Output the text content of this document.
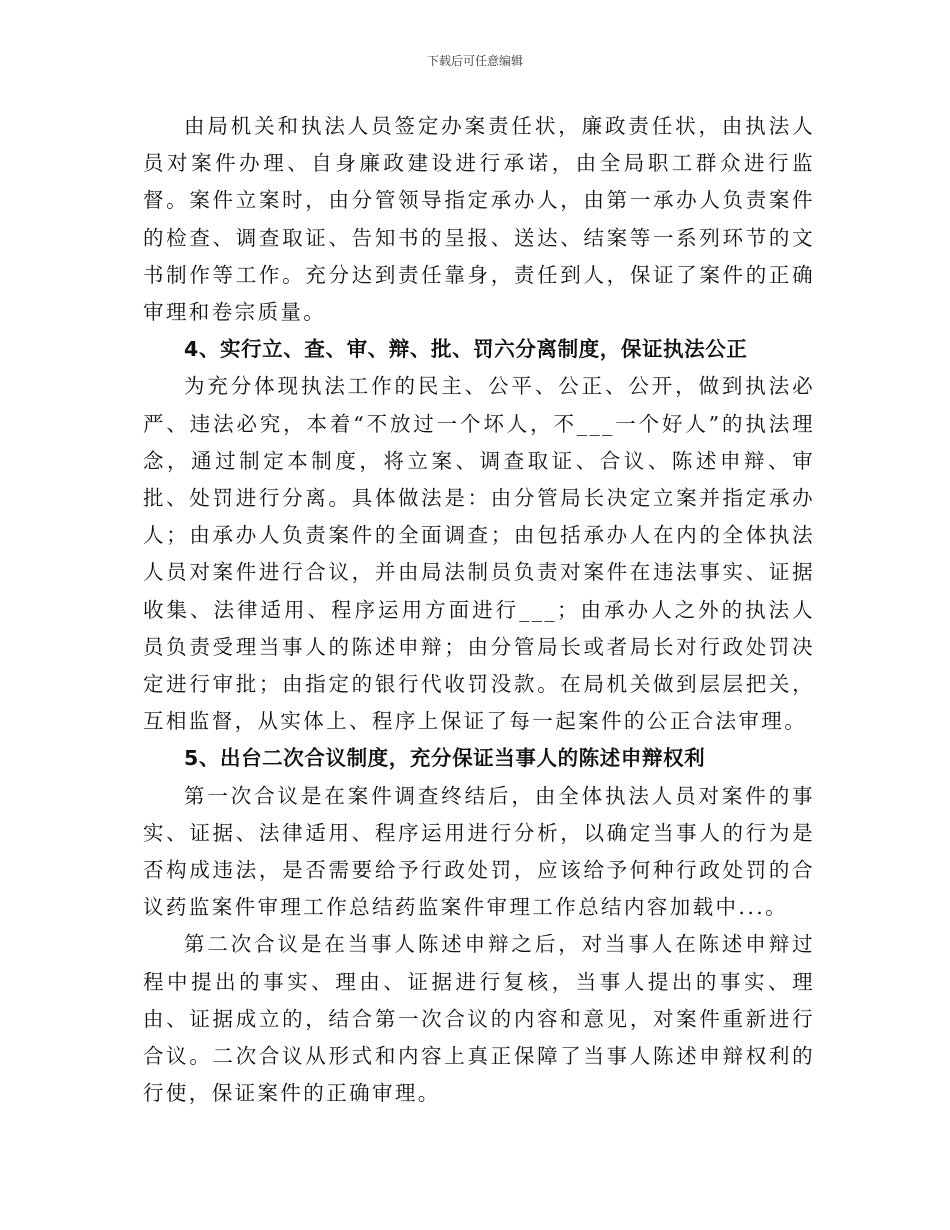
下载后可任意编辑

由局机关和执法人员签定办案责任状，廉政责任状，由执法人员对案件办理、自身廉政建设进行承诺，由全局职工群众进行监督。案件立案时，由分管领导指定承办人，由第一承办人负责案件的检查、调查取证、告知书的呈报、送达、结案等一系列环节的文书制作等工作。充分达到责任靠身，责任到人，保证了案件的正确审理和卷宗质量。

4、实行立、查、审、辩、批、罚六分离制度，保证执法公正

为充分体现执法工作的民主、公平、公正、公开，做到执法必严、违法必究，本着“不放过一个坏人，不___一个好人”的执法理念，通过制定本制度，将立案、调查取证、合议、陈述申辩、审批、处罚进行分离。具体做法是：由分管局长决定立案并指定承办人；由承办人负责案件的全面调查；由包括承办人在内的全体执法人员对案件进行合议，并由局法制员负责对案件在违法事实、证据收集、法律适用、程序运用方面进行___；由承办人之外的执法人员负责受理当事人的陈述申辩；由分管局长或者局长对行政处罚决定进行审批；由指定的银行代收罚没款。在局机关做到层层把关，互相监督，从实体上、程序上保证了每一起案件的公正合法审理。

5、出台二次合议制度，充分保证当事人的陈述申辩权利

第一次合议是在案件调查终结后，由全体执法人员对案件的事实、证据、法律适用、程序运用进行分析，以确定当事人的行为是否构成违法，是否需要给予行政处罚，应该给予何种行政处罚的合议药监案件审理工作总结药监案件审理工作总结内容加载中...。

第二次合议是在当事人陈述申辩之后，对当事人在陈述申辩过程中提出的事实、理由、证据进行复核，当事人提出的事实、理由、证据成立的，结合第一次合议的内容和意见，对案件重新进行合议。二次合议从形式和内容上真正保障了当事人陈述申辩权利的行使，保证案件的正确审理。
